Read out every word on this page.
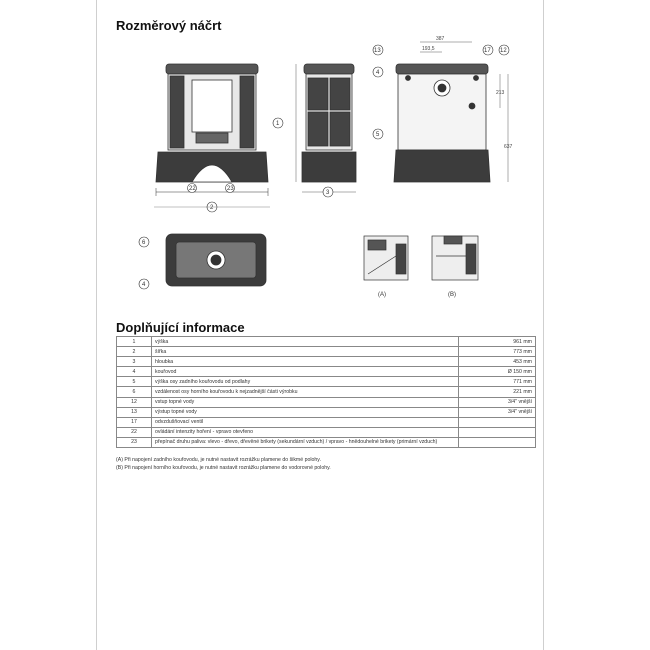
Rozměrový náčrt
22	23
2
1
3
387
193,5
213
637
13
4
5
17 12
6
4
(A)	(B)
Doplňující informace
1	výška	961 mm
2	šířka	773 mm
3	hloubka	453 mm
4	kouřovod	Ø 150 mm
5	výška osy zadního kouřovodu od podlahy	771 mm
6	vzdálenost osy horního kouřovodu k nejzadnější části výrobku	221 mm
12	vstup topné vody	3/4" vnější
13	výstup topné vody	3/4" vnější
17	odvzdušňovací ventil	
22	ovládání intenzity hoření - vpravo otevřeno	
23	přepínač druhu paliva: vlevo - dřevo, dřevěné brikety (sekundární vzduch) / vpravo - hnědouhelné brikety (primární vzduch)	
(A) Při napojení zadního kouřovodu, je nutné nastavit rozrážku plamene do šikmé polohy.
(B) Při napojení horního kouřovodu, je nutné nastavit rozrážku plamene do vodorovné polohy.
